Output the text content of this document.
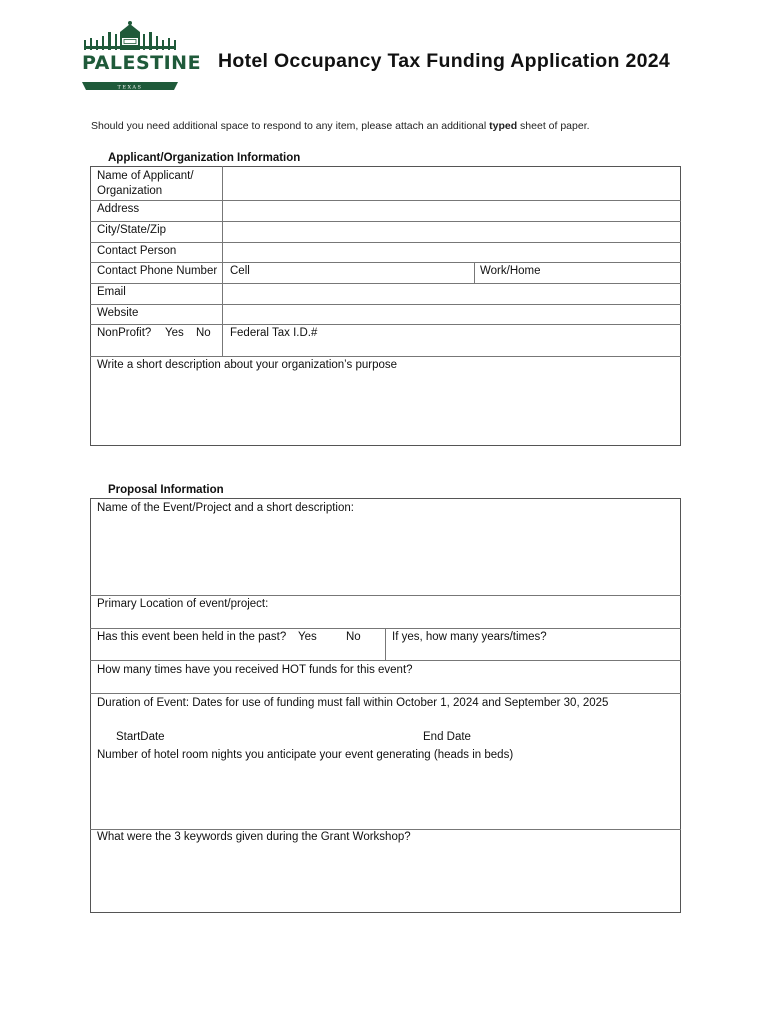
TEXAS
PALESTINE Hotel Occupancy Tax Funding Application 2024
Should you need additional space to respond to any item, please attach an additional typed sheet of paper.
Applicant/Organization Information
Name of Applicant/
Organization
Address
City/State/Zip
Contact Person
Contact Phone Number Cell	Work/Home
Email
Website
NonProfit? Yes No Federal Tax I.D.#
Write a short description about your organization’s purpose
Proposal Information
Name of the Event/Project and a short description:
Primary Location of event/project:
Has this event been held in the past? Yes	No	If yes, how many years/times?
How many times have you received HOT funds for this event?
Duration of Event: Dates for use of funding must fall within October 1, 2024 and September 30, 2025
StartDate	End Date
Number of hotel room nights you anticipate your event generating (heads in beds)
What were the 3 keywords given during the Grant Workshop?
